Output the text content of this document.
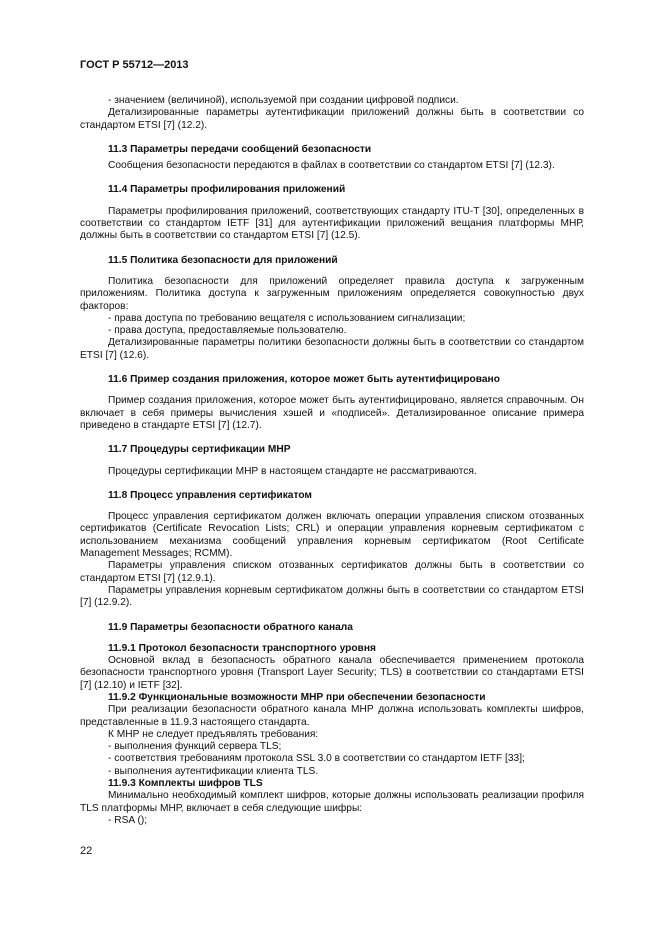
ГОСТ Р 55712—2013

- значением (величиной), используемой при создании цифровой подписи.

Детализированные параметры аутентификации приложений должны быть в соответствии со стандартом ETSI [7] (12.2).

11.3 Параметры передачи сообщений безопасности

Сообщения безопасности передаются в файлах в соответствии со стандартом ETSI [7] (12.3).

11.4 Параметры профилирования приложений

Параметры профилирования приложений, соответствующих стандарту ITU-T [30], определенных в соответствии со стандартом IETF [31] для аутентификации приложений вещания платформы МНР, должны быть в соответствии со стандартом ETSI [7] (12.5).

11.5 Политика безопасности для приложений

Политика безопасности для приложений определяет правила доступа к загруженным приложениям. Политика доступа к загруженным приложениям определяется совокупностью двух факторов:

- права доступа по требованию вещателя с использованием сигнализации;

- права доступа, предоставляемые пользователю.

Детализированные параметры политики безопасности должны быть в соответствии со стандартом ETSI [7] (12.6).

11.6 Пример создания приложения, которое может быть аутентифицировано

Пример создания приложения, которое может быть аутентифицировано, является справочным. Он включает в себя примеры вычисления хэшей и «подписей». Детализированное описание примера приведено в стандарте ETSI [7] (12.7).

11.7 Процедуры сертификации МНР

Процедуры сертификации МНР в настоящем стандарте не рассматриваются.

11.8 Процесс управления сертификатом

Процесс управления сертификатом должен включать операции управления списком отозванных сертификатов (Certificate Revocation Lists; CRL) и операции управления корневым сертификатом с использованием механизма сообщений управления корневым сертификатом (Root Certificate Management Messages; RCMM).

Параметры управления списком отозванных сертификатов должны быть в соответствии со стандартом ETSI [7] (12.9.1).

Параметры управления корневым сертификатом должны быть в соответствии со стандартом ETSI [7] (12.9.2).

11.9 Параметры безопасности обратного канала

11.9.1 Протокол безопасности транспортного уровня

Основной вклад в безопасность обратного канала обеспечивается применением протокола безопасности транспортного уровня (Transport Layer Security; TLS) в соответствии со стандартами ETSI [7] (12.10) и IETF [32].

11.9.2 Функциональные возможности МНР при обеспечении безопасности

При реализации безопасности обратного канала МНР должна использовать комплекты шифров, представленные в 11.9.3 настоящего стандарта.

К МНР не следует предъявлять требования:

- выполнения функций сервера TLS;

- соответствия требованиям протокола SSL 3.0 в соответствии со стандартом IETF [33];

- выполнения аутентификации клиента TLS.

11.9.3 Комплекты шифров TLS

Минимально необходимый комплект шифров, которые должны использовать реализации профиля TLS платформы МНР, включает в себя следующие шифры:

- RSA ();

22
